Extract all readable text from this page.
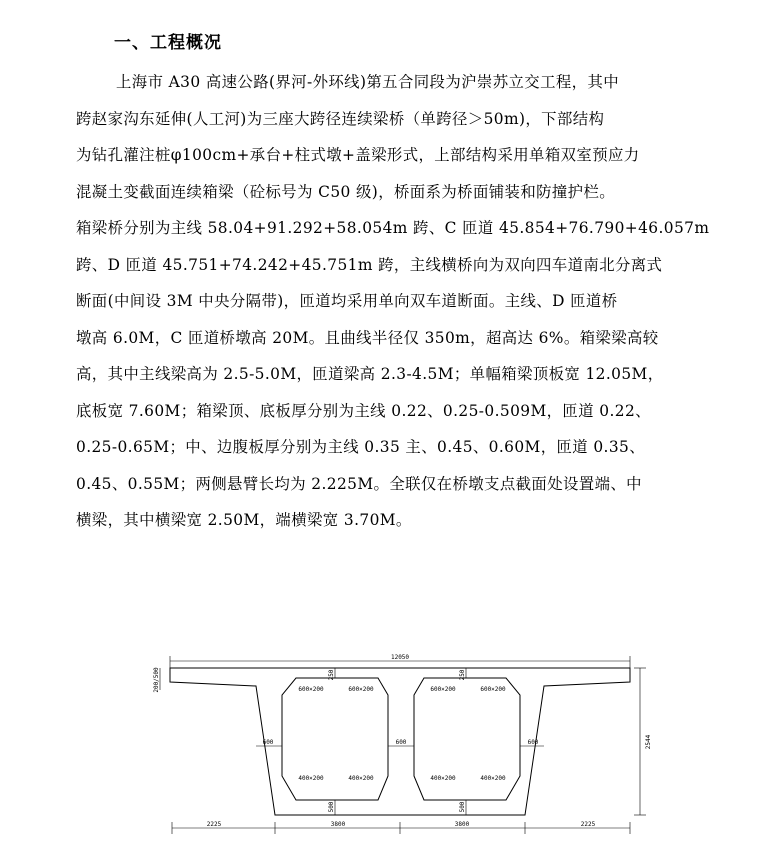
一、工程概况
上海市 A30 高速公路(界河-外环线)第五合同段为沪崇苏立交工程，其中
跨赵家沟东延伸(人工河)为三座大跨径连续梁桥（单跨径＞50m)，下部结构
为钻孔灌注桩φ100cm+承台+柱式墩+盖梁形式，上部结构采用单箱双室预应力
混凝土变截面连续箱梁（砼标号为 C50 级)，桥面系为桥面铺装和防撞护栏。
箱梁桥分别为主线 58.04+91.292+58.054m 跨、C 匝道 45.854+76.790+46.057m
跨、D 匝道 45.751+74.242+45.751m 跨，主线横桥向为双向四车道南北分离式
断面(中间设 3M 中央分隔带)，匝道均采用单向双车道断面。主线、D 匝道桥
墩高 6.0M，C 匝道桥墩高 20M。且曲线半径仅 350m，超高达 6%。箱梁梁高较
高，其中主线梁高为 2.5-5.0M，匝道梁高 2.3-4.5M；单幅箱梁顶板宽 12.05M，
底板宽 7.60M；箱梁顶、底板厚分别为主线 0.22、0.25-0.509M，匝道 0.22、
0.25-0.65M；中、边腹板厚分别为主线 0.35 主、0.45、0.60M，匝道 0.35、
0.45、0.55M；两侧悬臂长均为 2.225M。全联仅在桥墩支点截面处设置端、中
横梁，其中横梁宽 2.50M，端横梁宽 3.70M。
12050
200/500
2544
600	600	600
250	250
500	500
600×200	600×200	600×200	600×200
400×200	400×200	400×200	400×200
2225	3800	3800	2225
